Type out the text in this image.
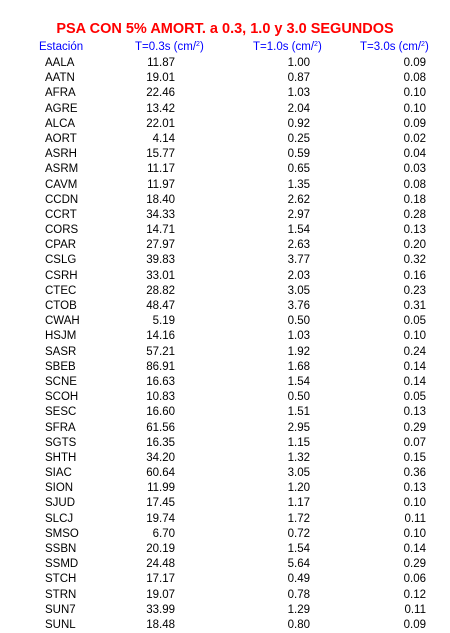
PSA CON 5% AMORT. a 0.3, 1.0 y 3.0 SEGUNDOS
Estación	T=0.3s (cm/$^2$)	T=1.0s (cm/$^2$)	T=3.0s (cm/$^2$)
AALA	11.87	1.00	0.09
AATN	19.01	0.87	0.08
AFRA	22.46	1.03	0.10
AGRE	13.42	2.04	0.10
ALCA	22.01	0.92	0.09
AORT	4.14	0.25	0.02
ASRH	15.77	0.59	0.04
ASRM	11.17	0.65	0.03
CAVM	11.97	1.35	0.08
CCDN	18.40	2.62	0.18
CCRT	34.33	2.97	0.28
CORS	14.71	1.54	0.13
CPAR	27.97	2.63	0.20
CSLG	39.83	3.77	0.32
CSRH	33.01	2.03	0.16
CTEC	28.82	3.05	0.23
CTOB	48.47	3.76	0.31
CWAH	5.19	0.50	0.05
HSJM	14.16	1.03	0.10
SASR	57.21	1.92	0.24
SBEB	86.91	1.68	0.14
SCNE	16.63	1.54	0.14
SCOH	10.83	0.50	0.05
SESC	16.60	1.51	0.13
SFRA	61.56	2.95	0.29
SGTS	16.35	1.15	0.07
SHTH	34.20	1.32	0.15
SIAC	60.64	3.05	0.36
SION	11.99	1.20	0.13
SJUD	17.45	1.17	0.10
SLCJ	19.74	1.72	0.11
SMSO	6.70	0.72	0.10
SSBN	20.19	1.54	0.14
SSMD	24.48	5.64	0.29
STCH	17.17	0.49	0.06
STRN	19.07	0.78	0.12
SUN7	33.99	1.29	0.11
SUNL	18.48	0.80	0.09
